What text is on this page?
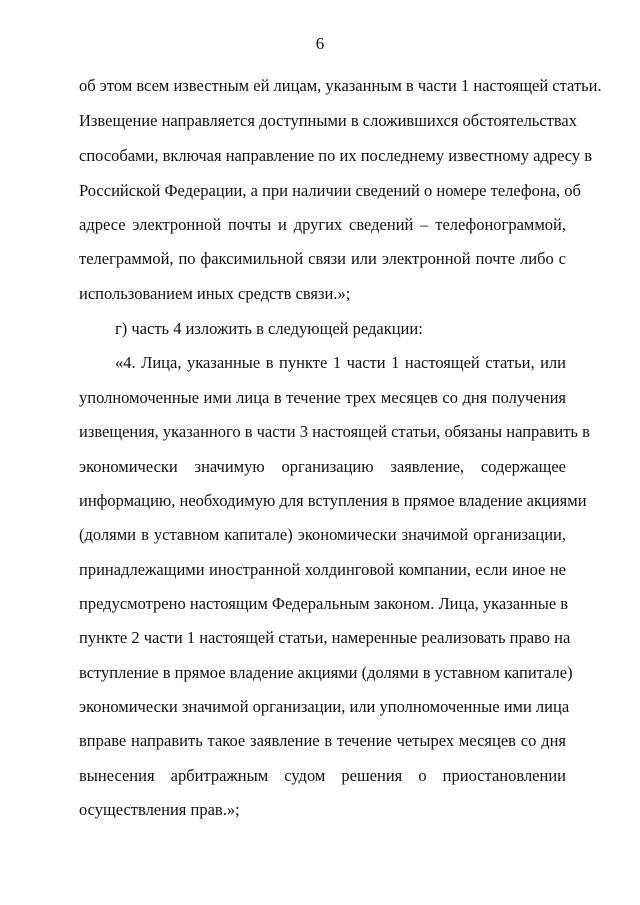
6
об этом всем известным ей лицам, указанным в части 1 настоящей статьи.
Извещение направляется доступными в сложившихся обстоятельствах
способами, включая направление по их последнему известному адресу в
Российской Федерации, а при наличии сведений о номере телефона, об
адресе электронной почты и других сведений – телефонограммой,
телеграммой, по факсимильной связи или электронной почте либо с
использованием иных средств связи.»;
г) часть 4 изложить в следующей редакции:
«4. Лица, указанные в пункте 1 части 1 настоящей статьи, или
уполномоченные ими лица в течение трех месяцев со дня получения
извещения, указанного в части 3 настоящей статьи, обязаны направить в
экономически значимую организацию заявление, содержащее
информацию, необходимую для вступления в прямое владение акциями
(долями в уставном капитале) экономически значимой организации,
принадлежащими иностранной холдинговой компании, если иное не
предусмотрено настоящим Федеральным законом. Лица, указанные в
пункте 2 части 1 настоящей статьи, намеренные реализовать право на
вступление в прямое владение акциями (долями в уставном капитале)
экономически значимой организации, или уполномоченные ими лица
вправе направить такое заявление в течение четырех месяцев со дня
вынесения арбитражным судом решения о приостановлении
осуществления прав.»;
